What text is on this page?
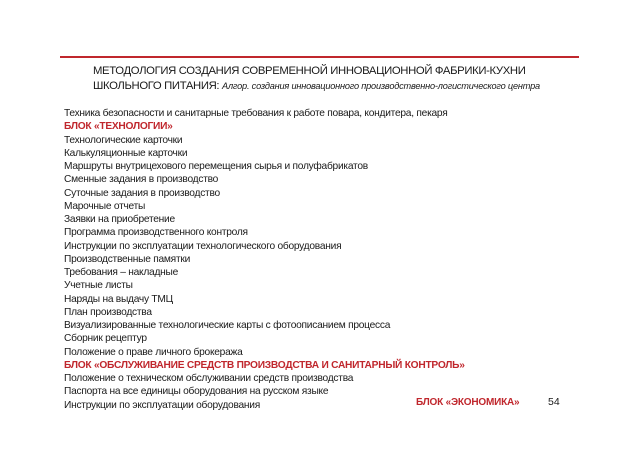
МЕТОДОЛОГИЯ СОЗДАНИЯ СОВРЕМЕННОЙ ИННОВАЦИОННОЙ ФАБРИКИ-КУХНИ
ШКОЛЬНОГО ПИТАНИЯ: Алгор. создания инновационного производственно-логистического центра
Техника безопасности и санитарные требования к работе повара, кондитера, пекаря
БЛОК «ТЕХНОЛОГИИ»
Технологические карточки
Калькуляционные карточки
Маршруты внутрицехового перемещения сырья и полуфабрикатов
Сменные задания в производство
Суточные задания в производство
Марочные отчеты
Заявки на приобретение
Программа производственного контроля
Инструкции по эксплуатации технологического оборудования
Производственные памятки
Требования – накладные
Учетные листы
Наряды на выдачу ТМЦ
План производства
Визуализированные технологические карты с фотоописанием процесса
Сборник рецептур
Положение о праве личного брокеража
БЛОК «ОБСЛУЖИВАНИЕ СРЕДСТВ ПРОИЗВОДСТВА И САНИТАРНЫЙ КОНТРОЛЬ»
Положение о техническом обслуживании средств производства
Паспорта на все единицы оборудования на русском языке
Инструкции по эксплуатации оборудования	БЛОК «ЭКОНОМИКА»	54
